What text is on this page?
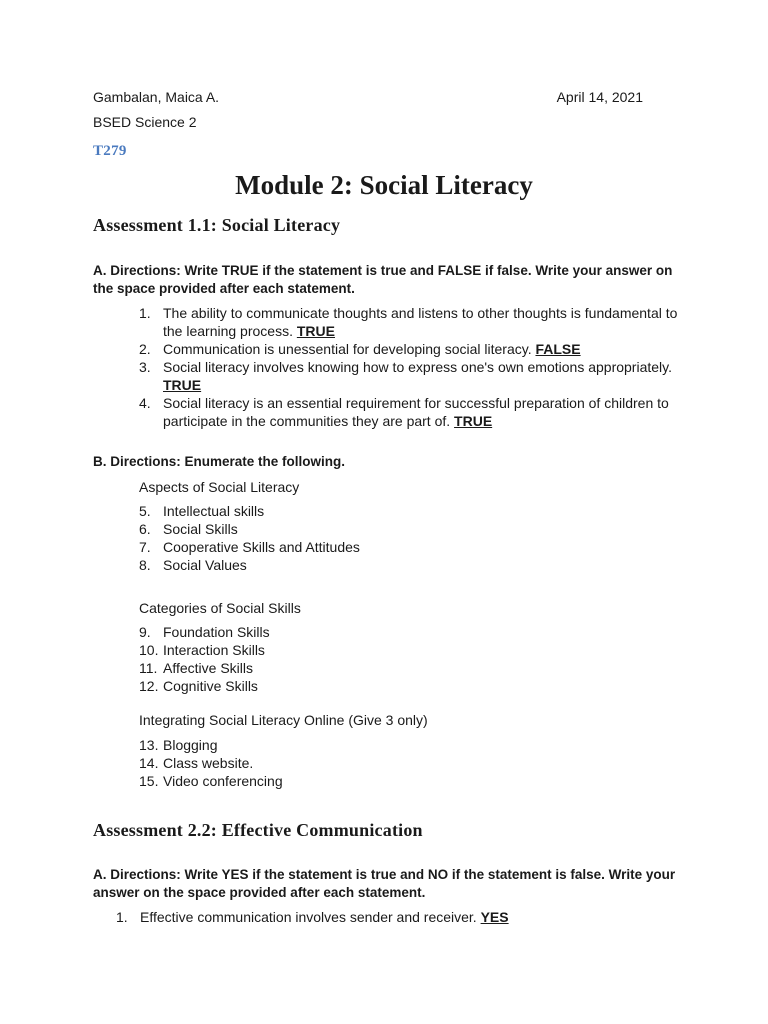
Gambalan, Maica A.	April 14, 2021
BSED Science 2
T279
Module 2: Social Literacy
Assessment 1.1: Social Literacy
A. Directions: Write TRUE if the statement is true and FALSE if false. Write your answer on the space provided after each statement.
1. The ability to communicate thoughts and listens to other thoughts is fundamental to the learning process. TRUE
2. Communication is unessential for developing social literacy. FALSE
3. Social literacy involves knowing how to express one's own emotions appropriately. TRUE
4. Social literacy is an essential requirement for successful preparation of children to participate in the communities they are part of. TRUE
B. Directions: Enumerate the following.
Aspects of Social Literacy
5. Intellectual skills
6. Social Skills
7. Cooperative Skills and Attitudes
8. Social Values
Categories of Social Skills
9. Foundation Skills
10. Interaction Skills
11. Affective Skills
12. Cognitive Skills
Integrating Social Literacy Online (Give 3 only)
13. Blogging
14. Class website.
15. Video conferencing
Assessment 2.2: Effective Communication
A. Directions: Write YES if the statement is true and NO if the statement is false. Write your answer on the space provided after each statement.
1. Effective communication involves sender and receiver. YES
